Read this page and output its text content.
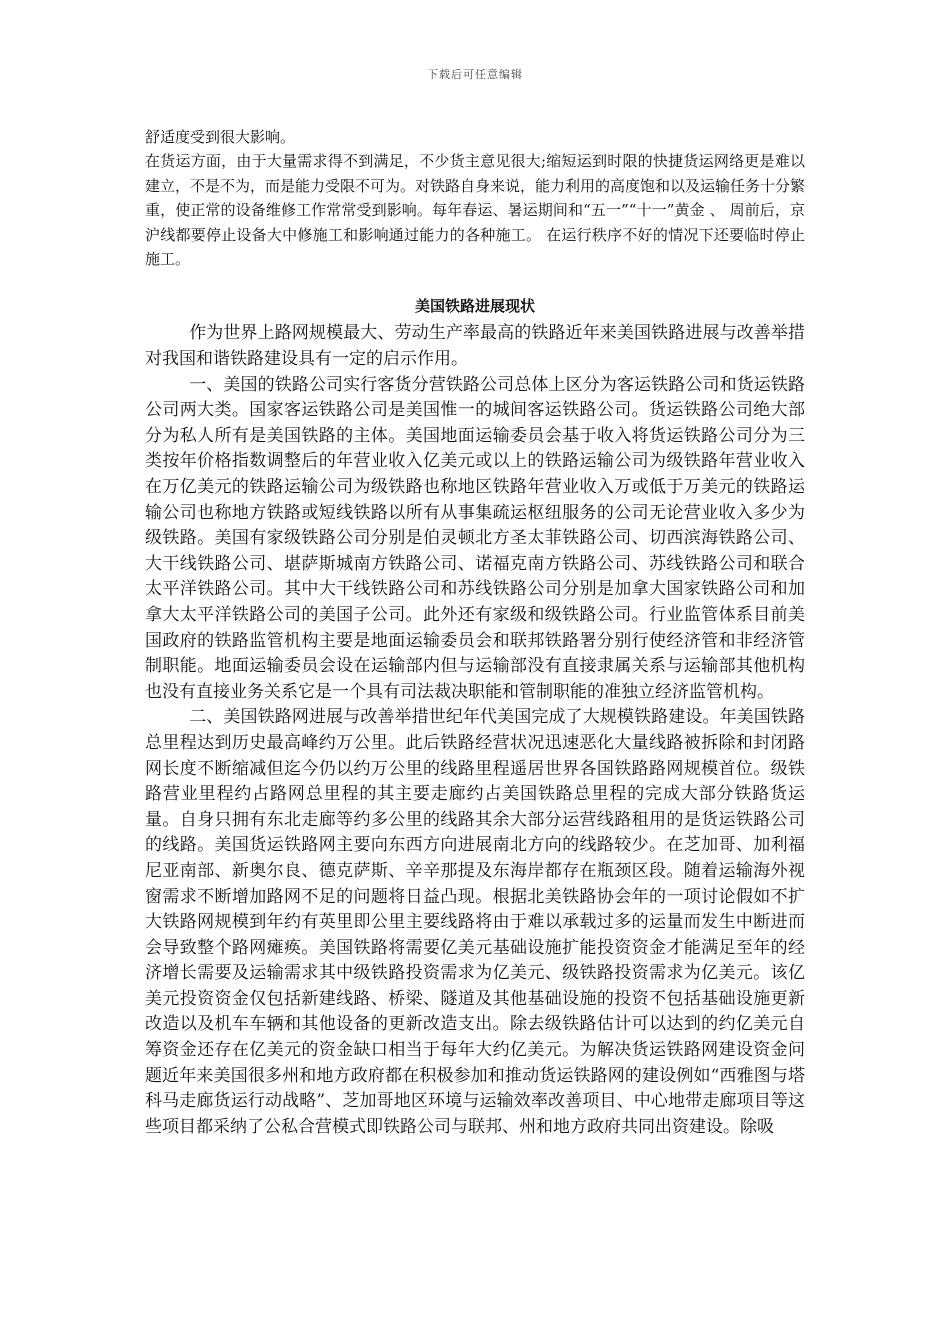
下载后可任意编辑

舒适度受到很大影响。

在货运方面，由于大量需求得不到满足，不少货主意见很大;缩短运到时限的快捷货运网络更是难以建立，不是不为，而是能力受限不可为。对铁路自身来说，能力利用的高度饱和以及运输任务十分繁重，使正常的设备维修工作常常受到影响。每年春运、暑运期间和“五一”“十一”黄金 、 周前后，京沪线都要停止设备大中修施工和影响通过能力的各种施工。 在运行秩序不好的情况下还要临时停止施工。

美国铁路进展现状

作为世界上路网规模最大、劳动生产率最高的铁路近年来美国铁路进展与改善举措对我国和谐铁路建设具有一定的启示作用。

一、美国的铁路公司实行客货分营铁路公司总体上区分为客运铁路公司和货运铁路公司两大类。国家客运铁路公司是美国惟一的城间客运铁路公司。货运铁路公司绝大部分为私人所有是美国铁路的主体。美国地面运输委员会基于收入将货运铁路公司分为三类按年价格指数调整后的年营业收入亿美元或以上的铁路运输公司为级铁路年营业收入在万亿美元的铁路运输公司为级铁路也称地区铁路年营业收入万或低于万美元的铁路运输公司也称地方铁路或短线铁路以所有从事集疏运枢纽服务的公司无论营业收入多少为级铁路。美国有家级铁路公司分别是伯灵顿北方圣太菲铁路公司、切西滨海铁路公司、大干线铁路公司、堪萨斯城南方铁路公司、诺福克南方铁路公司、苏线铁路公司和联合太平洋铁路公司。其中大干线铁路公司和苏线铁路公司分别是加拿大国家铁路公司和加拿大太平洋铁路公司的美国子公司。此外还有家级和级铁路公司。行业监管体系目前美国政府的铁路监管机构主要是地面运输委员会和联邦铁路署分别行使经济管和非经济管制职能。地面运输委员会设在运输部内但与运输部没有直接隶属关系与运输部其他机构也没有直接业务关系它是一个具有司法裁决职能和管制职能的准独立经济监管机构。

二、美国铁路网进展与改善举措世纪年代美国完成了大规模铁路建设。年美国铁路总里程达到历史最高峰约万公里。此后铁路经营状况迅速恶化大量线路被拆除和封闭路网长度不断缩减但迄今仍以约万公里的线路里程遥居世界各国铁路路网规模首位。级铁路营业里程约占路网总里程的其主要走廊约占美国铁路总里程的完成大部分铁路货运量。自身只拥有东北走廊等约多公里的线路其余大部分运营线路租用的是货运铁路公司的线路。美国货运铁路网主要向东西方向进展南北方向的线路较少。在芝加哥、加利福尼亚南部、新奥尔良、德克萨斯、辛辛那提及东海岸都存在瓶颈区段。随着运输海外视窗需求不断增加路网不足的问题将日益凸现。根据北美铁路协会年的一项讨论假如不扩大铁路网规模到年约有英里即公里主要线路将由于难以承载过多的运量而发生中断进而会导致整个路网瘫痪。美国铁路将需要亿美元基础设施扩能投资资金才能满足至年的经济增长需要及运输需求其中级铁路投资需求为亿美元、级铁路投资需求为亿美元。该亿美元投资资金仅包括新建线路、桥梁、隧道及其他基础设施的投资不包括基础设施更新改造以及机车车辆和其他设备的更新改造支出。除去级铁路估计可以达到的约亿美元自筹资金还存在亿美元的资金缺口相当于每年大约亿美元。为解决货运铁路网建设资金问题近年来美国很多州和地方政府都在积极参加和推动货运铁路网的建设例如“西雅图与塔科马走廊货运行动战略”、芝加哥地区环境与运输效率改善项目、中心地带走廊项目等这些项目都采纳了公私合营模式即铁路公司与联邦、州和地方政府共同出资建设。除吸
